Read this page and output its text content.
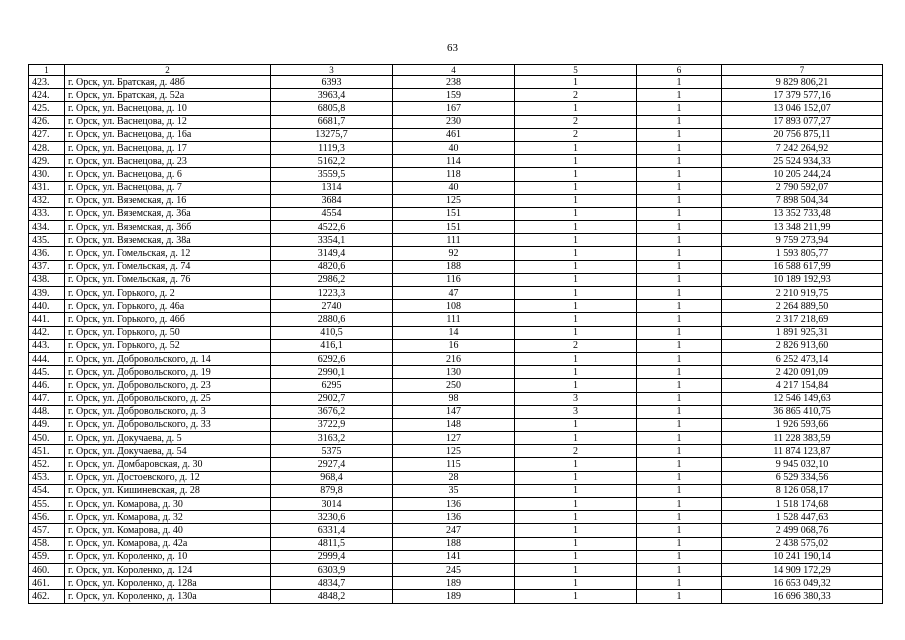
63
1	2	3	4	5	6	7
423.	г. Орск, ул. Братская, д. 48б	6393	238	1	1	9 829 806,21
424.	г. Орск, ул. Братская, д. 52а	3963,4	159	2	1	17 379 577,16
425.	г. Орск, ул. Васнецова, д. 10	6805,8	167	1	1	13 046 152,07
426.	г. Орск, ул. Васнецова, д. 12	6681,7	230	2	1	17 893 077,27
427.	г. Орск, ул. Васнецова, д. 16а	13275,7	461	2	1	20 756 875,11
428.	г. Орск, ул. Васнецова, д. 17	1119,3	40	1	1	7 242 264,92
429.	г. Орск, ул. Васнецова, д. 23	5162,2	114	1	1	25 524 934,33
430.	г. Орск, ул. Васнецова, д. 6	3559,5	118	1	1	10 205 244,24
431.	г. Орск, ул. Васнецова, д. 7	1314	40	1	1	2 790 592,07
432.	г. Орск, ул. Вяземская, д. 16	3684	125	1	1	7 898 504,34
433.	г. Орск, ул. Вяземская, д. 36а	4554	151	1	1	13 352 733,48
434.	г. Орск, ул. Вяземская, д. 36б	4522,6	151	1	1	13 348 211,99
435.	г. Орск, ул. Вяземская, д. 38а	3354,1	111	1	1	9 759 273,94
436.	г. Орск, ул. Гомельская, д. 12	3149,4	92	1	1	1 593 805,77
437.	г. Орск, ул. Гомельская, д. 74	4820,6	188	1	1	16 588 617,99
438.	г. Орск, ул. Гомельская, д. 76	2986,2	116	1	1	10 189 192,93
439.	г. Орск, ул. Горького, д. 2	1223,3	47	1	1	2 210 919,75
440.	г. Орск, ул. Горького, д. 46а	2740	108	1	1	2 264 889,50
441.	г. Орск, ул. Горького, д. 46б	2880,6	111	1	1	2 317 218,69
442.	г. Орск, ул. Горького, д. 50	410,5	14	1	1	1 891 925,31
443.	г. Орск, ул. Горького, д. 52	416,1	16	2	1	2 826 913,60
444.	г. Орск, ул. Добровольского, д. 14	6292,6	216	1	1	6 252 473,14
445.	г. Орск, ул. Добровольского, д. 19	2990,1	130	1	1	2 420 091,09
446.	г. Орск, ул. Добровольского, д. 23	6295	250	1	1	4 217 154,84
447.	г. Орск, ул. Добровольского, д. 25	2902,7	98	3	1	12 546 149,63
448.	г. Орск, ул. Добровольского, д. 3	3676,2	147	3	1	36 865 410,75
449.	г. Орск, ул. Добровольского, д. 33	3722,9	148	1	1	1 926 593,66
450.	г. Орск, ул. Докучаева, д. 5	3163,2	127	1	1	11 228 383,59
451.	г. Орск, ул. Докучаева, д. 54	5375	125	2	1	11 874 123,87
452.	г. Орск, ул. Домбаровская, д. 30	2927,4	115	1	1	9 945 032,10
453.	г. Орск, ул. Достоевского, д. 12	968,4	28	1	1	6 529 334,56
454.	г. Орск, ул. Кишиневская, д. 28	879,8	35	1	1	8 126 058,17
455.	г. Орск, ул. Комарова, д. 30	3014	136	1	1	1 518 174,68
456.	г. Орск, ул. Комарова, д. 32	3230,6	136	1	1	1 528 447,63
457.	г. Орск, ул. Комарова, д. 40	6331,4	247	1	1	2 499 068,76
458.	г. Орск, ул. Комарова, д. 42а	4811,5	188	1	1	2 438 575,02
459.	г. Орск, ул. Короленко, д. 10	2999,4	141	1	1	10 241 190,14
460.	г. Орск, ул. Короленко, д. 124	6303,9	245	1	1	14 909 172,29
461.	г. Орск, ул. Короленко, д. 128а	4834,7	189	1	1	16 653 049,32
462.	г. Орск, ул. Короленко, д. 130а	4848,2	189	1	1	16 696 380,33
